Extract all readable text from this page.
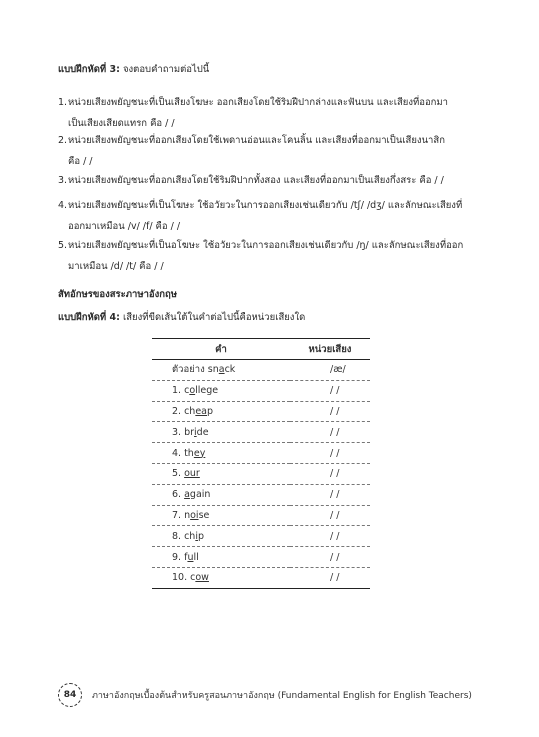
แบบฝึกหัดที่ 3: จงตอบคำถามต่อไปนี้
1.หน่วยเสียงพยัญชนะที่เป็นเสียงโฆษะ ออกเสียงโดยใช้ริมฝีปากล่างและฟันบน และเสียงที่ออกมา
เป็นเสียงเสียดแทรก คือ / /
2.หน่วยเสียงพยัญชนะที่ออกเสียงโดยใช้เพดานอ่อนและโคนลิ้น และเสียงที่ออกมาเป็นเสียงนาสิก
คือ / /
3.หน่วยเสียงพยัญชนะที่ออกเสียงโดยใช้ริมฝีปากทั้งสอง และเสียงที่ออกมาเป็นเสียงกึ่งสระ คือ / /
4.หน่วยเสียงพยัญชนะที่เป็นโฆษะ ใช้อวัยวะในการออกเสียงเช่นเดียวกับ /tʃ/ /dʒ/ และลักษณะเสียงที่
ออกมาเหมือน /v/ /f/ คือ / /
5.หน่วยเสียงพยัญชนะที่เป็นอโฆษะ ใช้อวัยวะในการออกเสียงเช่นเดียวกับ /ŋ/ และลักษณะเสียงที่ออก
มาเหมือน /d/ /t/ คือ / /
สัทอักษรของสระภาษาอังกฤษ
แบบฝึกหัดที่ 4: เสียงที่ขีดเส้นใต้ในคำต่อไปนี้คือหน่วยเสียงใด
คำ	หน่วยเสียง
ตัวอย่าง snack	/æ/
1. college	/ /
2. cheap	/ /
3. bride	/ /
4. they	/ /
5. our	/ /
6. again	/ /
7. noise	/ /
8. chip	/ /
9. full	/ /
10. cow	/ /
84	ภาษาอังกฤษเบื้องต้นสำหรับครูสอนภาษาอังกฤษ (Fundamental English for English Teachers)
